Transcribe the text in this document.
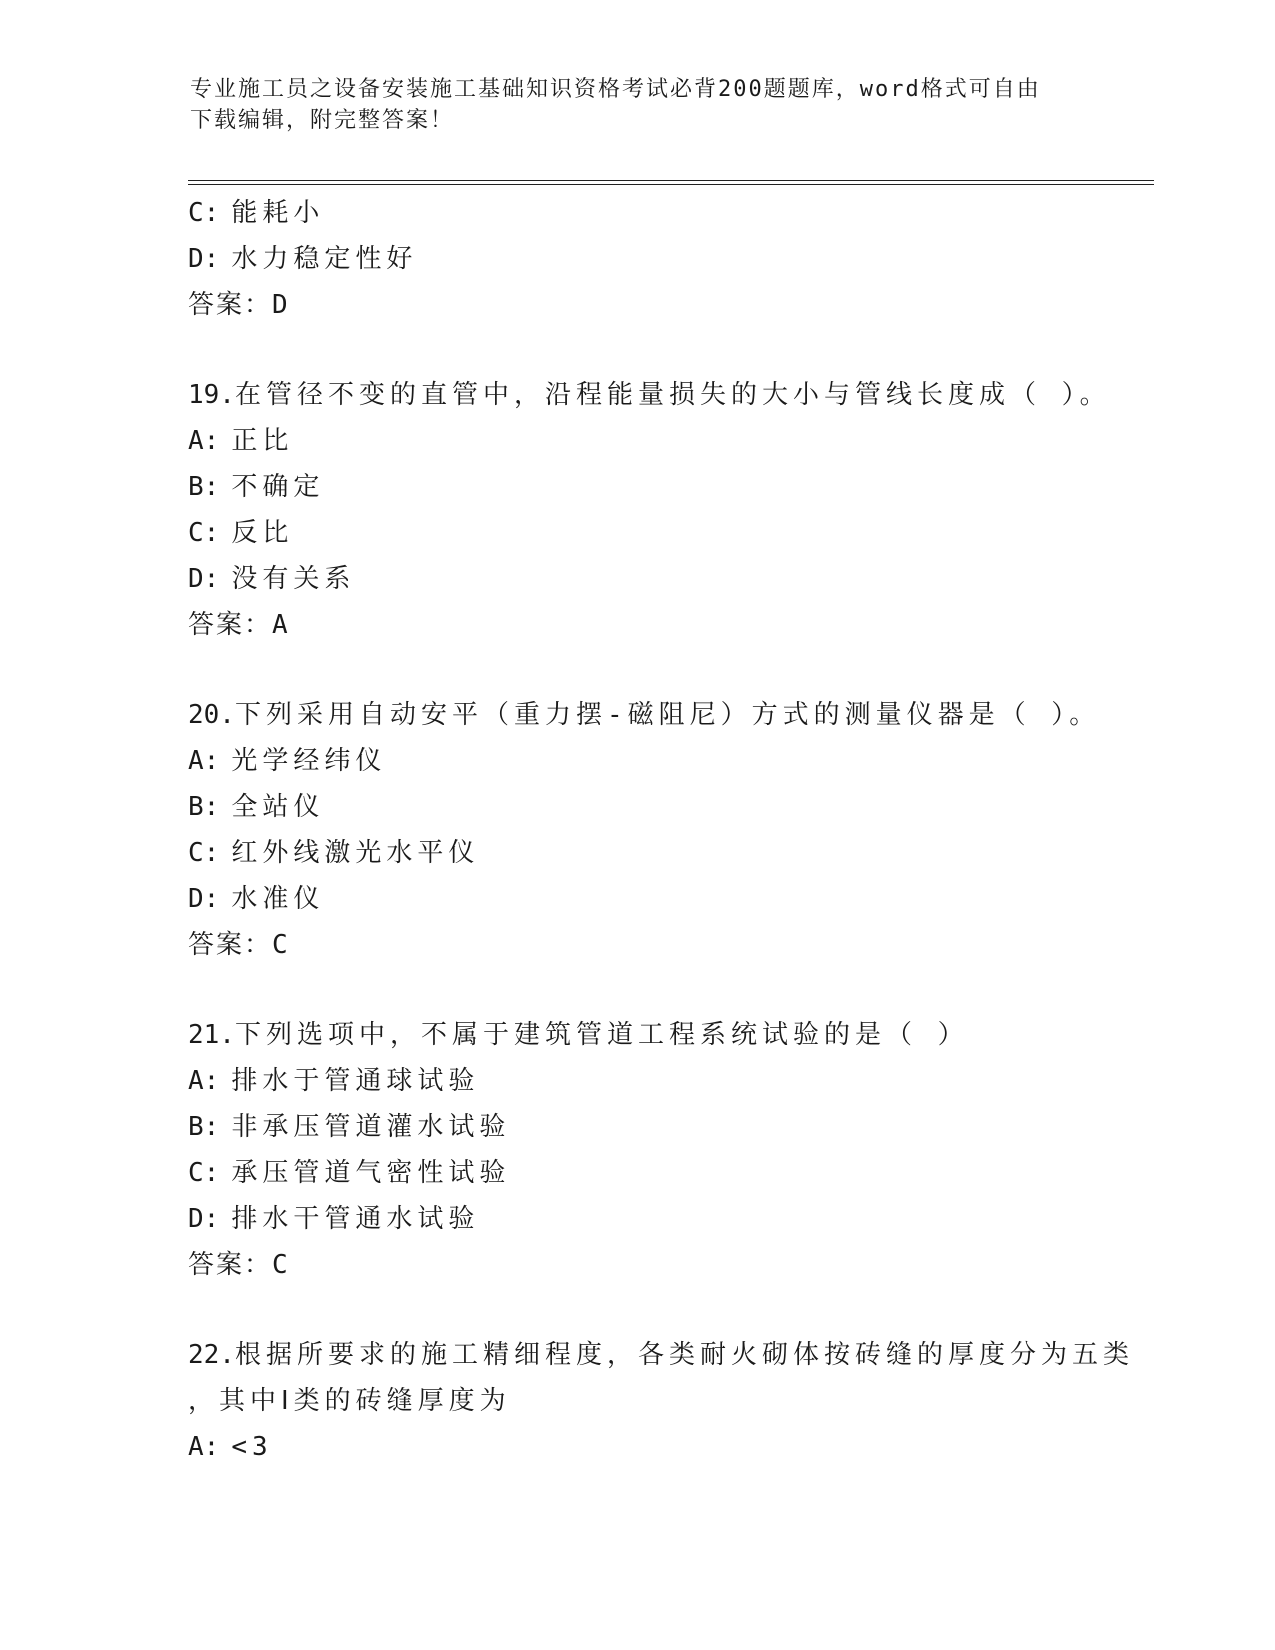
专业施工员之设备安装施工基础知识资格考试必背200题题库，word格式可自由
下载编辑，附完整答案！
C: 能耗小
D: 水力稳定性好
答案：D
19.在管径不变的直管中，沿程能量损失的大小与管线长度成（ ）。
A: 正比
B: 不确定
C: 反比
D: 没有关系
答案：A
20.下列采用自动安平（重力摆-磁阻尼）方式的测量仪器是（ ）。
A: 光学经纬仪
B: 全站仪
C: 红外线激光水平仪
D: 水准仪
答案：C
21.下列选项中，不属于建筑管道工程系统试验的是（ ）
A: 排水于管通球试验
B: 非承压管道灌水试验
C: 承压管道气密性试验
D: 排水干管通水试验
答案：C
22.根据所要求的施工精细程度，各类耐火砌体按砖缝的厚度分为五类
，其中Ⅰ类的砖缝厚度为
A: <3
